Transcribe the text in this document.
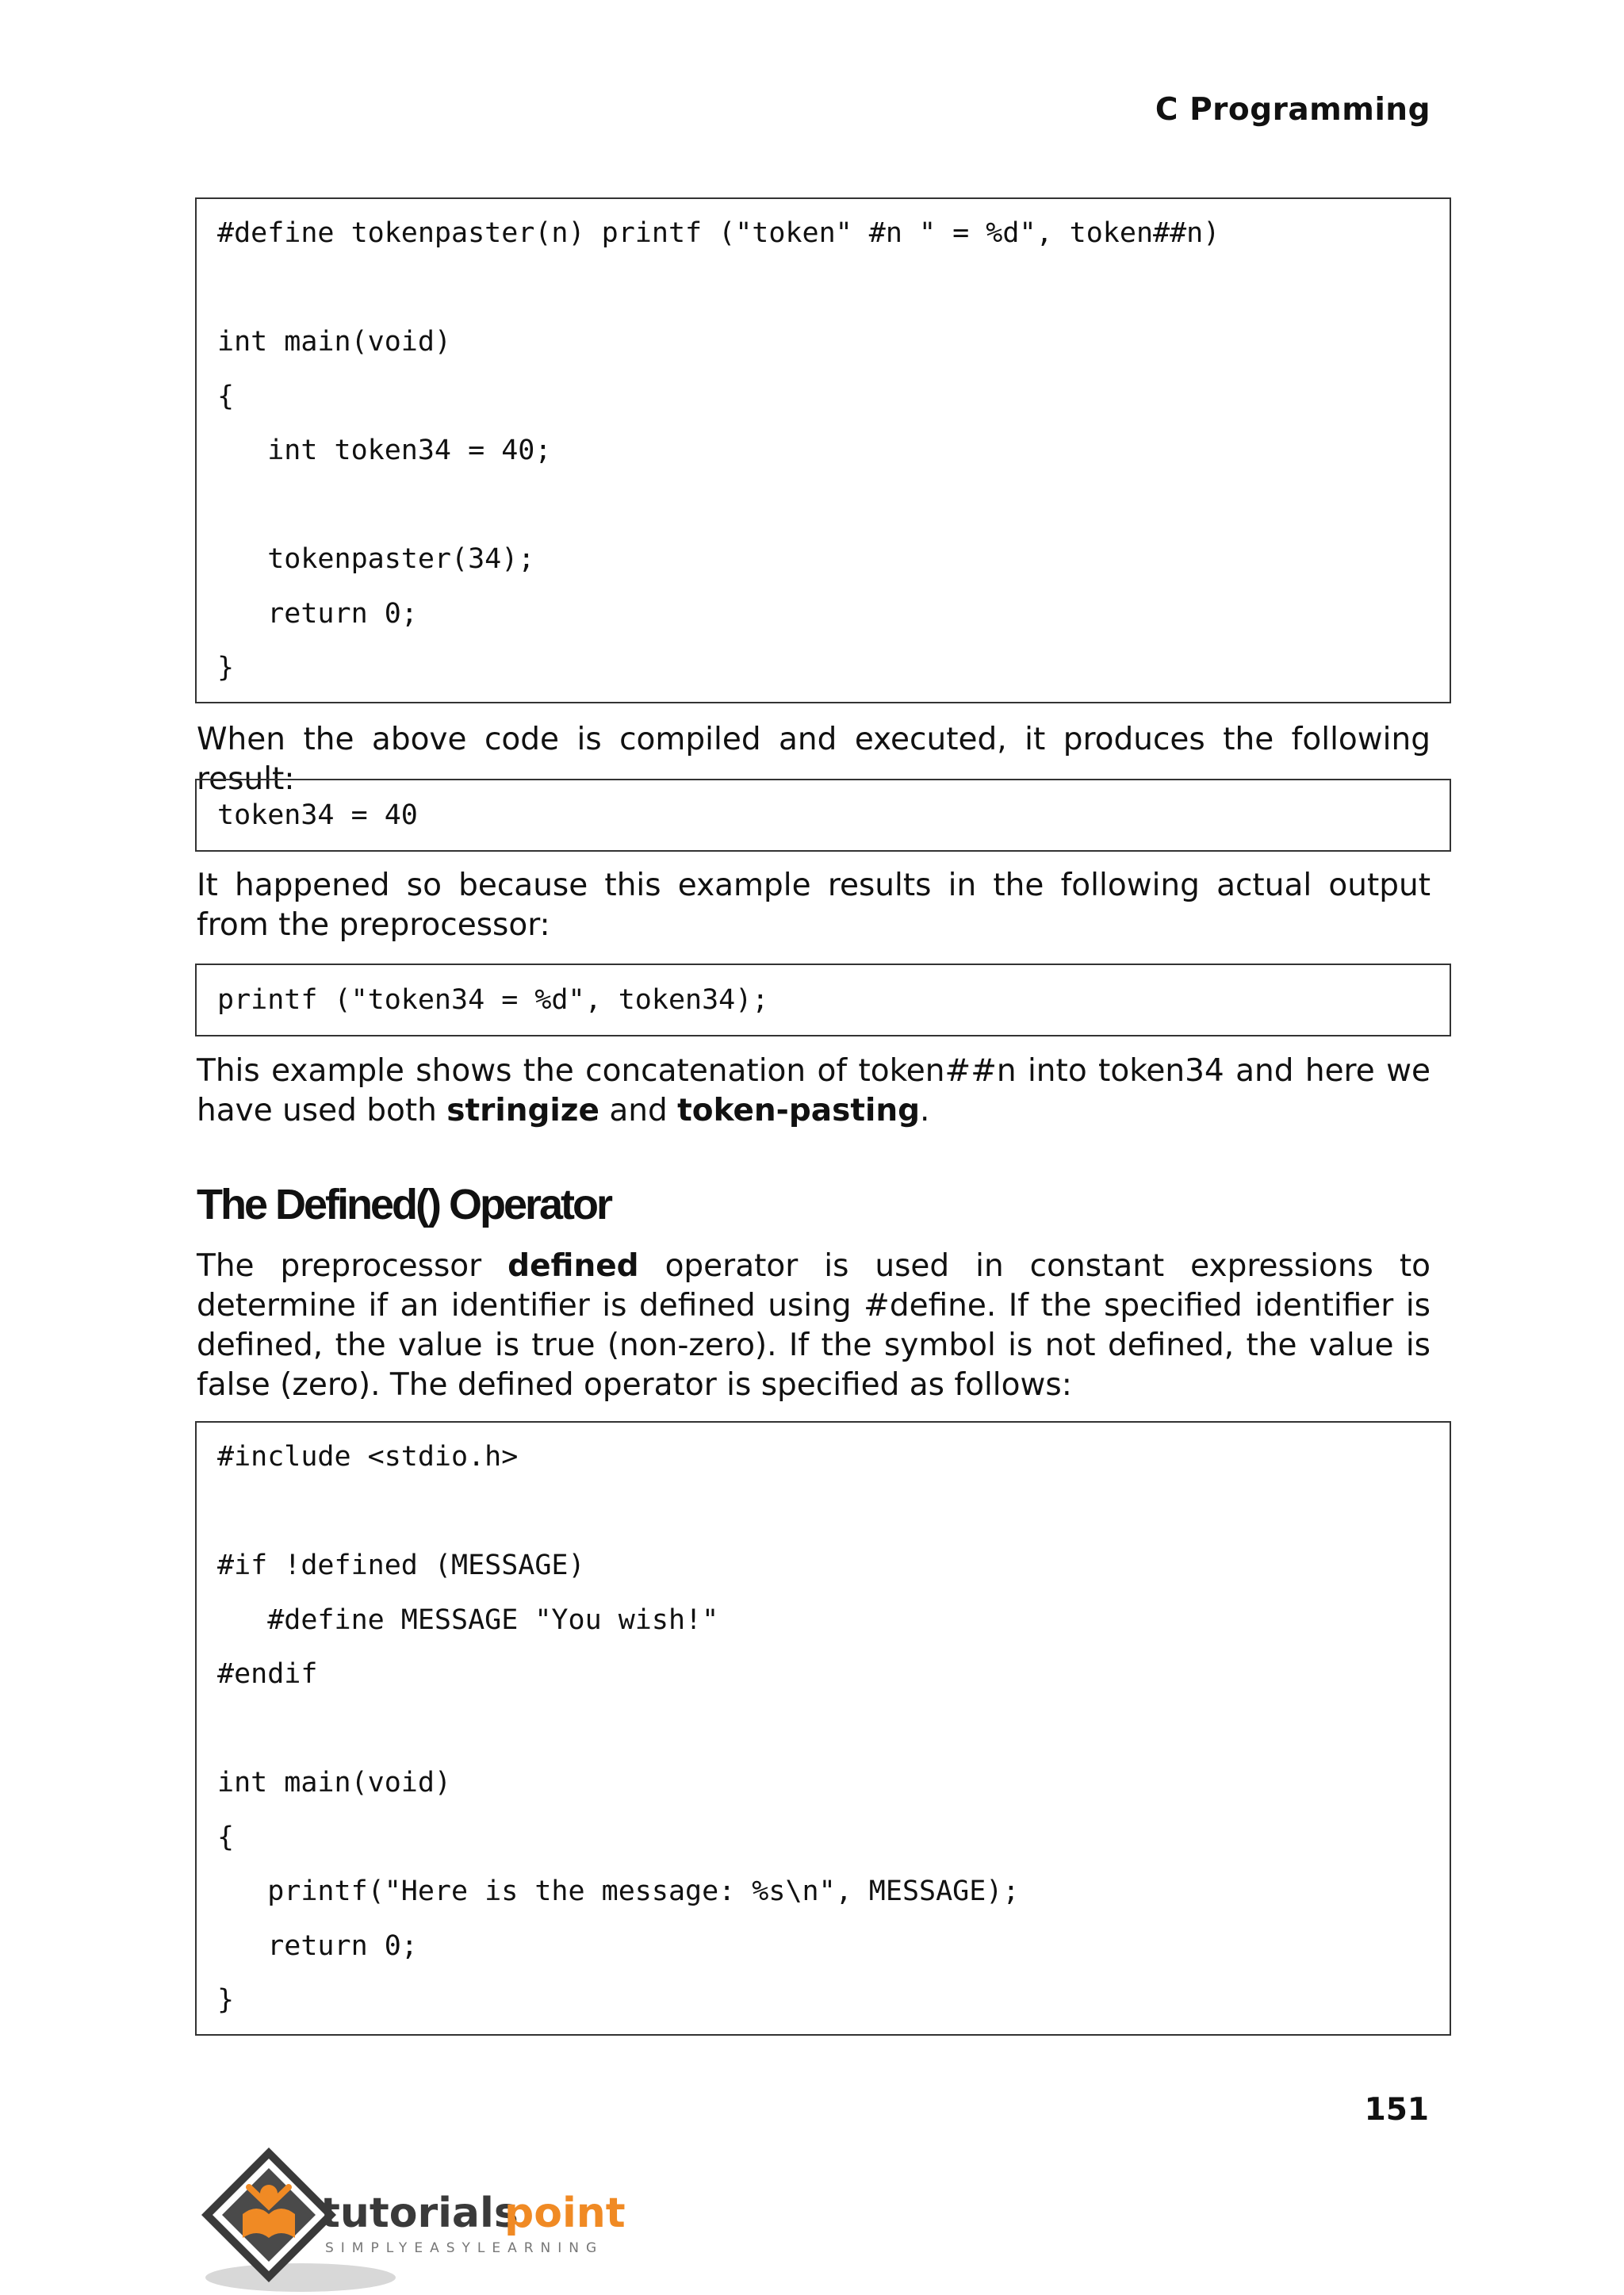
C Programming
#define tokenpaster(n) printf ("token" #n " = %d", token##n)
int main(void)
{
int token34 = 40;
tokenpaster(34);
return 0;
}
When the above code is compiled and executed, it produces the following result:
token34 = 40
It happened so because this example results in the following actual output from the preprocessor:
printf ("token34 = %d", token34);
This example shows the concatenation of token##n into token34 and here we have used both stringize and token-pasting.
The Defined() Operator
The preprocessor defined operator is used in constant expressions to determine if an identifier is defined using #define. If the specified identifier is defined, the value is true (non-zero). If the symbol is not defined, the value is false (zero). The defined operator is specified as follows:
#include <stdio.h>
#if !defined (MESSAGE)
#define MESSAGE "You wish!"
#endif
int main(void)
{
printf("Here is the message: %s\n", MESSAGE);
return 0;
}
151
tutorials
point
SIMPLYEASYLEARNING
